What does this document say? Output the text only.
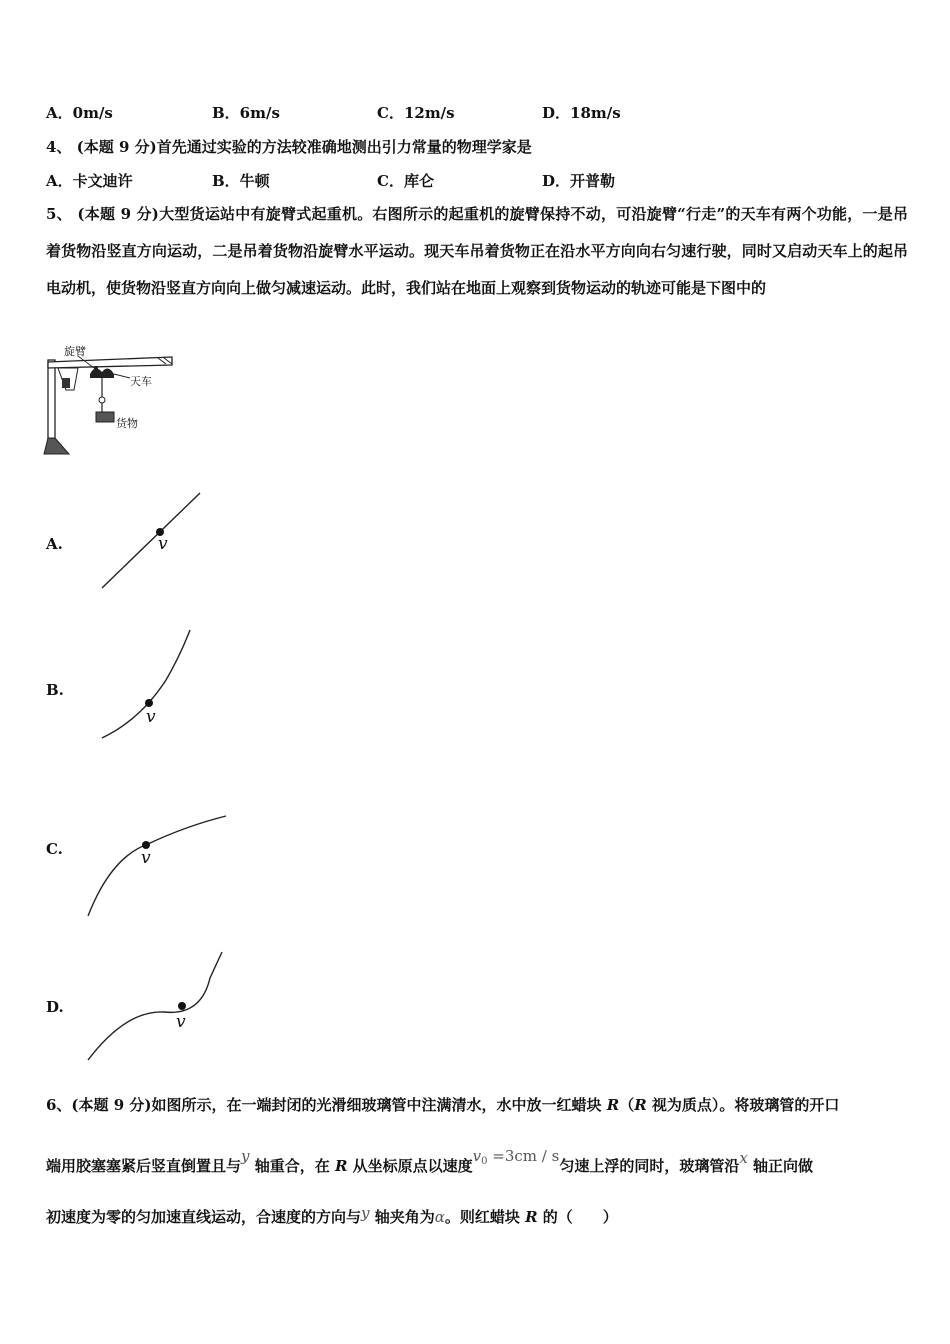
A．0m/s	B．6m/s	C．12m/s	D．18m/s
4、 (本题 9 分)首先通过实验的方法较准确地测出引力常量的物理学家是
A．卡文迪许	B．牛顿	C．库仑	D．开普勒
5、 (本题 9 分)大型货运站中有旋臂式起重机。右图所示的起重机的旋臂保持不动，可沿旋臂“行走”的天车有两个功能，一是吊着货物沿竖直方向运动，二是吊着货物沿旋臂水平运动。现天车吊着货物正在沿水平方向向右匀速行驶，同时又启动天车上的起吊电动机，使货物沿竖直方向向上做匀减速运动。此时，我们站在地面上观察到货物运动的轨迹可能是下图中的
旋臂
天车
货物
A.	v
B.
v
C.	v
D.
v
6、(本题 9 分)如图所示，在一端封闭的光滑细玻璃管中注满清水，水中放一红蜡块 R（R 视为质点）。将玻璃管的开口
端用胶塞塞紧后竖直倒置且与y 轴重合，在 R 从坐标原点以速度$v_0 =3cm / s$匀速上浮的同时，玻璃管沿x 轴正向做
初速度为零的匀加速直线运动，合速度的方向与y 轴夹角为α。则红蜡块 R 的（　　）
